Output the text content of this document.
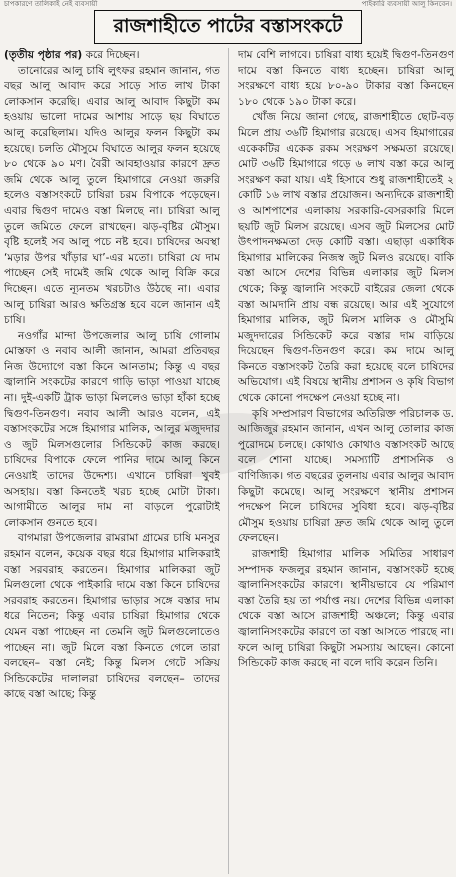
চাপকারণে তালিকাই নেই ব্যবসায়ী	পাইকারি ব্যবসায়ী আলু কিনবেন।
রাজশাহীতে পাটের বস্তাসংকটে

(তৃতীয় পৃষ্ঠার পর) করে দিচ্ছেন।

তানোরের আলু চাষি লুৎফর রহমান জানান, গত বছর আলু আবাদ করে সাড়ে সাত লাখ টাকা লোকসান করেছি। এবার আলু আবাদ কিছুটা কম হওয়ায় ভালো দামের আশায় সাড়ে ছয় বিঘাতে আলু করেছিলাম। যদিও আলুর ফলন কিছুটা কম হয়েছে। চলতি মৌসুমে বিঘাতে আলুর ফলন হয়েছে ৮০ থেকে ৯০ মণ। বৈরী আবহাওয়ার কারণে দ্রুত জমি থেকে আলু তুলে হিমাগারে নেওয়া জরুরি হলেও বস্তাসংকটে চাষিরা চরম বিপাকে পড়েছেন। এবার দ্বিগুণ দামেও বস্তা মিলছে না। চাষিরা আলু তুলে জমিতে ফেলে রাখছেন। ঝড়-বৃষ্টির মৌসুম। বৃষ্টি হলেই সব আলু পচে নষ্ট হবে। চাষিদের অবস্থা ‘মড়ার উপর খাঁড়ার ঘা’-এর মতো। চাষিরা যে দাম পাচ্ছেন সেই দামেই জমি থেকে আলু বিক্রি করে দিচ্ছেন। এতে ন্যূনতম খরচটাও উঠছে না। এবার আলু চাষিরা আরও ক্ষতিগ্রস্ত হবে বলে জানান এই চাষি।

নওগাঁর মান্দা উপজেলার আলু চাষি গোলাম মোস্তফা ও নবাব আলী জানান, আমরা প্রতিবছর নিজ উদ্যোগে বস্তা কিনে আনতাম; কিন্তু এ বছর জ্বালানি সংকটের কারণে গাড়ি ভাড়া পাওয়া যাচ্ছে না। দুই-একটি ট্রাক ভাড়া মিললেও ভাড়া হাঁকা হচ্ছে দ্বিগুণ-তিনগুণ। নবাব আলী আরও বলেন, এই বস্তাসংকটের সঙ্গে হিমাগার মালিক, আলুর মজুদদার ও জুট মিলসগুলোর সিন্ডিকেট কাজ করছে। চাষিদের বিপাকে ফেলে পানির দামে আলু কিনে নেওয়াই তাদের উদ্দেশ্য। এখানে চাষিরা খুবই অসহায়। বস্তা কিনতেই খরচ হচ্ছে মোটা টাকা। আগামীতে আলুর দাম না বাড়লে পুরোটাই লোকসান গুনতে হবে।

বাগমারা উপজেলার রামরামা গ্রামের চাষি মনসুর রহমান বলেন, কয়েক বছর ধরে হিমাগার মালিকরাই বস্তা সরবরাহ করতেন। হিমাগার মালিকরা জুট মিলগুলো থেকে পাইকারি দামে বস্তা কিনে চাষিদের সরবরাহ করতেন। হিমাগার ভাড়ার সঙ্গে বস্তার দাম ধরে নিতেন; কিন্তু এবার চাষিরা হিমাগার থেকে যেমন বস্তা পাচ্ছেন না তেমনি জুট মিলগুলোতেও পাচ্ছেন না। জুট মিলে বস্তা কিনতে গেলে তারা বলছেন– বস্তা নেই; কিন্তু মিলস গেটে সক্রিয় সিন্ডিকেটের দালালরা চাষিদের বলছেন– তাদের কাছে বস্তা আছে; কিন্তু

দাম বেশি লাগবে। চাষিরা বাধ্য হয়েই দ্বিগুণ-তিনগুণ দামে বস্তা কিনতে বাধ্য হচ্ছেন। চাষিরা আলু সংরক্ষণে বাধ্য হয়ে ৮০-৯০ টাকার বস্তা কিনছেন ১৮০ থেকে ১৯০ টাকা করে।

খোঁজ নিয়ে জানা গেছে, রাজশাহীতে ছোট-বড় মিলে প্রায় ৩৬টি হিমাগার রয়েছে। এসব হিমাগারের একেকটির একেক রকম সংরক্ষণ সক্ষমতা রয়েছে। মোট ৩৬টি হিমাগারে গড়ে ৬ লাখ বস্তা করে আলু সংরক্ষণ করা যায়। এই হিসাবে শুধু রাজশাহীতেই ২ কোটি ১৬ লাখ বস্তার প্রয়োজন। অন্যদিকে রাজশাহী ও আশপাশের এলাকায় সরকারি-বেসরকারি মিলে ছয়টি জুট মিলস রয়েছে। এসব জুট মিলসের মোট উৎপাদনক্ষমতা দেড় কোটি বস্তা। এছাড়া একাধিক হিমাগার মালিকের নিজস্ব জুট মিলও রয়েছে। বাকি বস্তা আসে দেশের বিভিন্ন এলাকার জুট মিলস থেকে; কিন্তু জ্বালানি সংকটে বাইরের জেলা থেকে বস্তা আমদানি প্রায় বন্ধ রয়েছে। আর এই সুযোগে হিমাগার মালিক, জুট মিলস মালিক ও মৌসুমি মজুদদারের সিন্ডিকেট করে বস্তার দাম বাড়িয়ে দিয়েছেন দ্বিগুণ-তিনগুণ করে। কম দামে আলু কিনতে বস্তাসংকট তৈরি করা হয়েছে বলে চাষিদের অভিযোগ। এই বিষয়ে স্থানীয় প্রশাসন ও কৃষি বিভাগ থেকে কোনো পদক্ষেপ নেওয়া হচ্ছে না।

কৃষি সম্প্রসারণ বিভাগের অতিরিক্ত পরিচালক ড. আজিজুর রহমান জানান, এখন আলু তোলার কাজ পুরোদমে চলছে। কোথাও কোথাও বস্তাসংকট আছে বলে শোনা যাচ্ছে। সমস্যাটি প্রশাসনিক ও বাণিজ্যিক। গত বছরের তুলনায় এবার আলুর আবাদ কিছুটা কমেছে। আলু সংরক্ষণে স্থানীয় প্রশাসন পদক্ষেপ নিলে চাষিদের সুবিধা হবে। ঝড়-বৃষ্টির মৌসুম হওয়ায় চাষিরা দ্রুত জমি থেকে আলু তুলে ফেলছেন।

রাজশাহী হিমাগার মালিক সমিতির সাধারণ সম্পাদক ফজলুর রহমান জানান, বস্তাসংকট হচ্ছে জ্বালানিসংকটের কারণে। স্থানীয়ভাবে যে পরিমাণ বস্তা তৈরি হয় তা পর্যাপ্ত নয়। দেশের বিভিন্ন এলাকা থেকে বস্তা আসে রাজশাহী অঞ্চলে; কিন্তু এবার জ্বালানিসংকটের কারণে তা বস্তা আসতে পারছে না। ফলে আলু চাষিরা কিছুটা সমস্যায় আছেন। কোনো সিন্ডিকেট কাজ করছে না বলে দাবি করেন তিনি।
